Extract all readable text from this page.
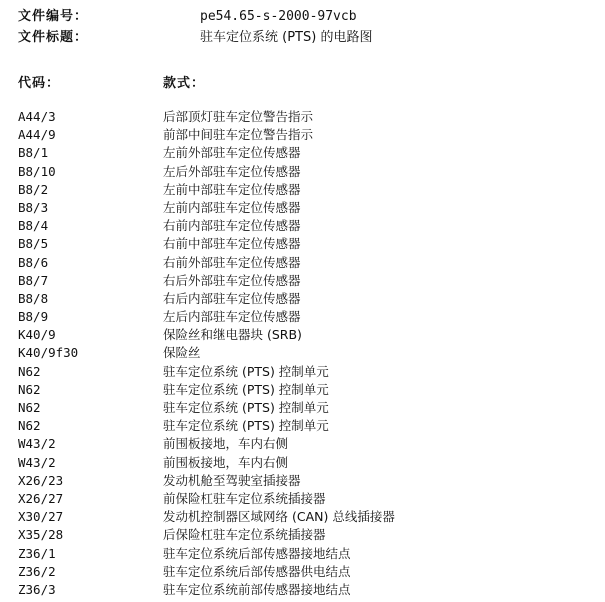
文件编号：	pe54.65-s-2000-97vcb
文件标题：	驻车定位系统 (PTS) 的电路图
代码：	款式：
A44/3	后部顶灯驻车定位警告指示
A44/9	前部中间驻车定位警告指示
B8/1	左前外部驻车定位传感器
B8/10	左后外部驻车定位传感器
B8/2	左前中部驻车定位传感器
B8/3	左前内部驻车定位传感器
B8/4	右前内部驻车定位传感器
B8/5	右前中部驻车定位传感器
B8/6	右前外部驻车定位传感器
B8/7	右后外部驻车定位传感器
B8/8	右后内部驻车定位传感器
B8/9	左后内部驻车定位传感器
K40/9	保险丝和继电器块 (SRB)
K40/9f30	保险丝
N62	驻车定位系统 (PTS) 控制单元
N62	驻车定位系统 (PTS) 控制单元
N62	驻车定位系统 (PTS) 控制单元
N62	驻车定位系统 (PTS) 控制单元
W43/2	前围板接地，车内右侧
W43/2	前围板接地，车内右侧
X26/23	发动机舱至驾驶室插接器
X26/27	前保险杠驻车定位系统插接器
X30/27	发动机控制器区域网络 (CAN) 总线插接器
X35/28	后保险杠驻车定位系统插接器
Z36/1	驻车定位系统后部传感器接地结点
Z36/2	驻车定位系统后部传感器供电结点
Z36/3	驻车定位系统前部传感器接地结点
